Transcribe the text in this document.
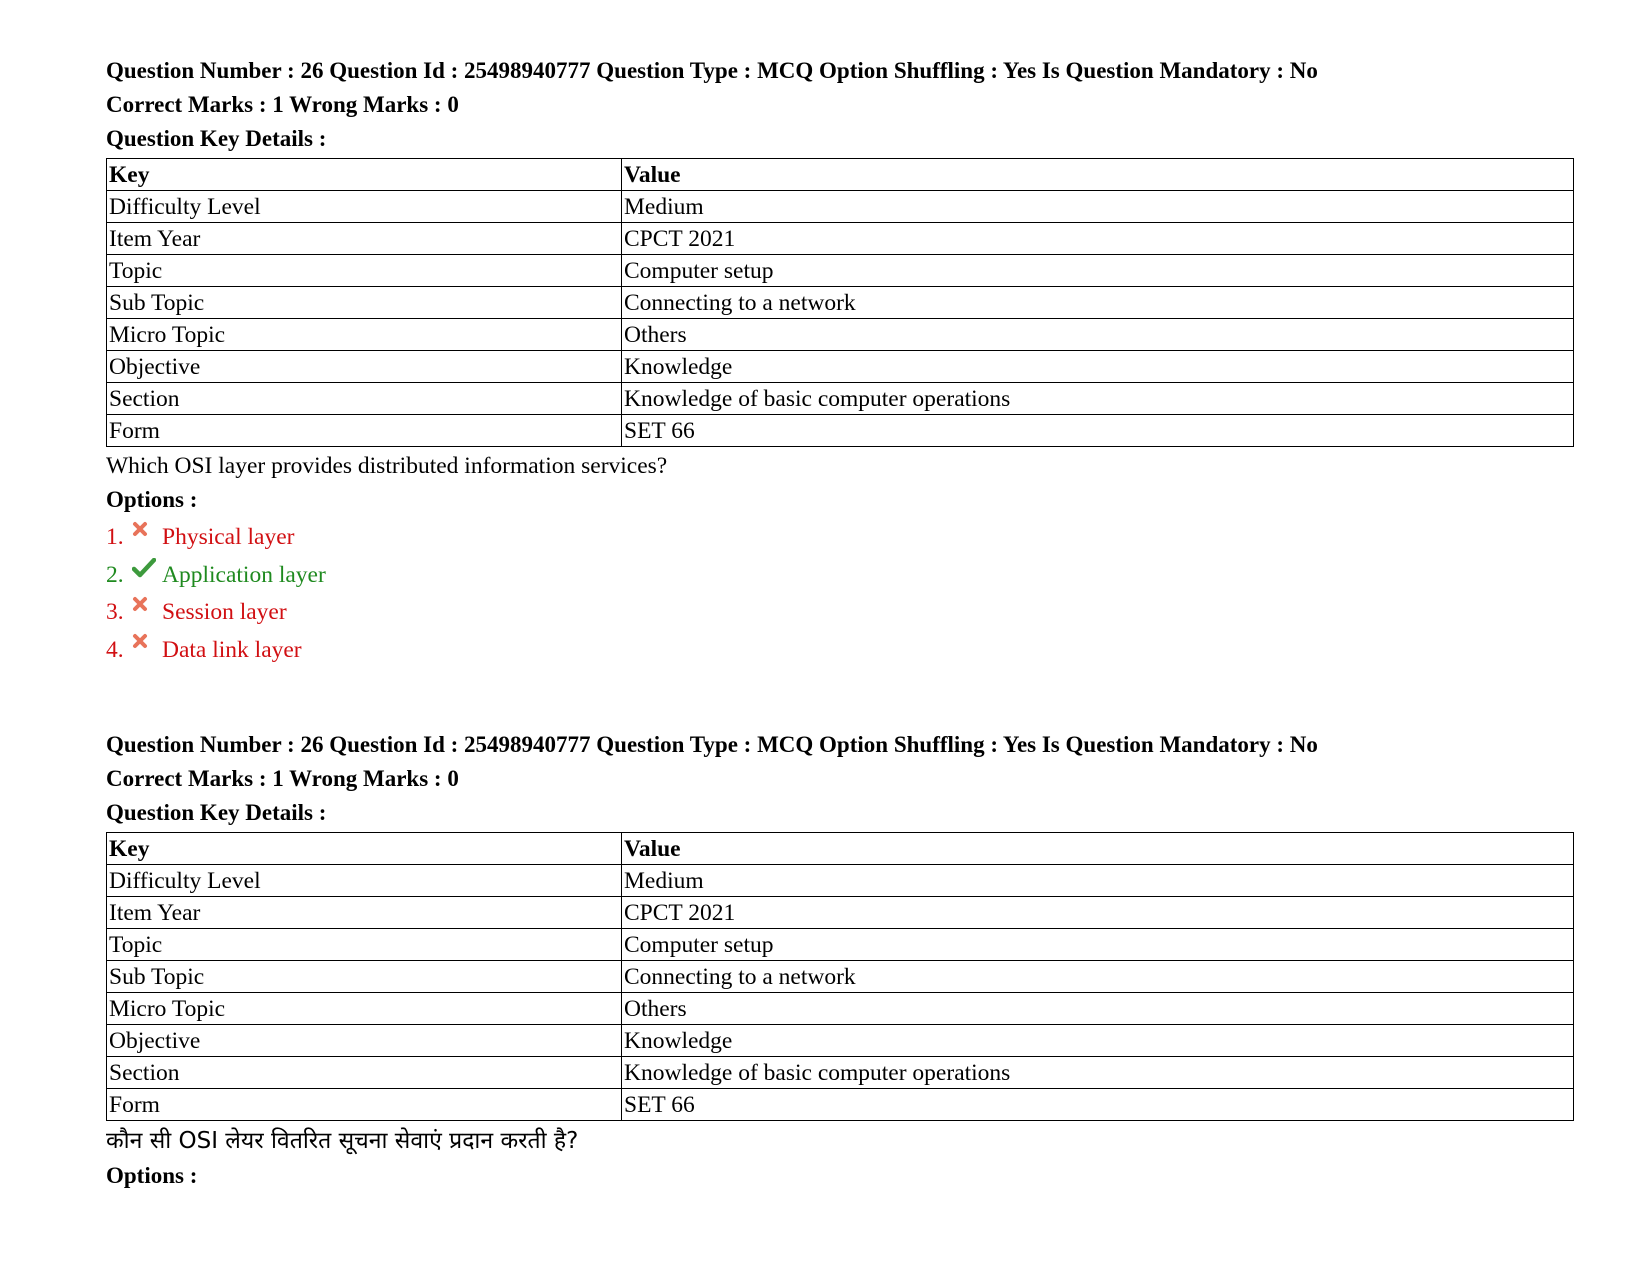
Question Number : 26 Question Id : 25498940777 Question Type : MCQ Option Shuffling : Yes Is Question Mandatory : No
Correct Marks : 1 Wrong Marks : 0
Question Key Details :
Key	Value
Difficulty Level	Medium
Item Year	CPCT 2021
Topic	Computer setup
Sub Topic	Connecting to a network
Micro Topic	Others
Objective	Knowledge
Section	Knowledge of basic computer operations
Form	SET 66
Which OSI layer provides distributed information services?
Options :
1.	Physical layer
2.	Application layer
3.	Session layer
4.	Data link layer
Question Number : 26 Question Id : 25498940777 Question Type : MCQ Option Shuffling : Yes Is Question Mandatory : No
Correct Marks : 1 Wrong Marks : 0
Question Key Details :
Key	Value
Difficulty Level	Medium
Item Year	CPCT 2021
Topic	Computer setup
Sub Topic	Connecting to a network
Micro Topic	Others
Objective	Knowledge
Section	Knowledge of basic computer operations
Form	SET 66
कौन सी OSI लेयर वितरित सूचना सेवाएं प्रदान करती है?
Options :
